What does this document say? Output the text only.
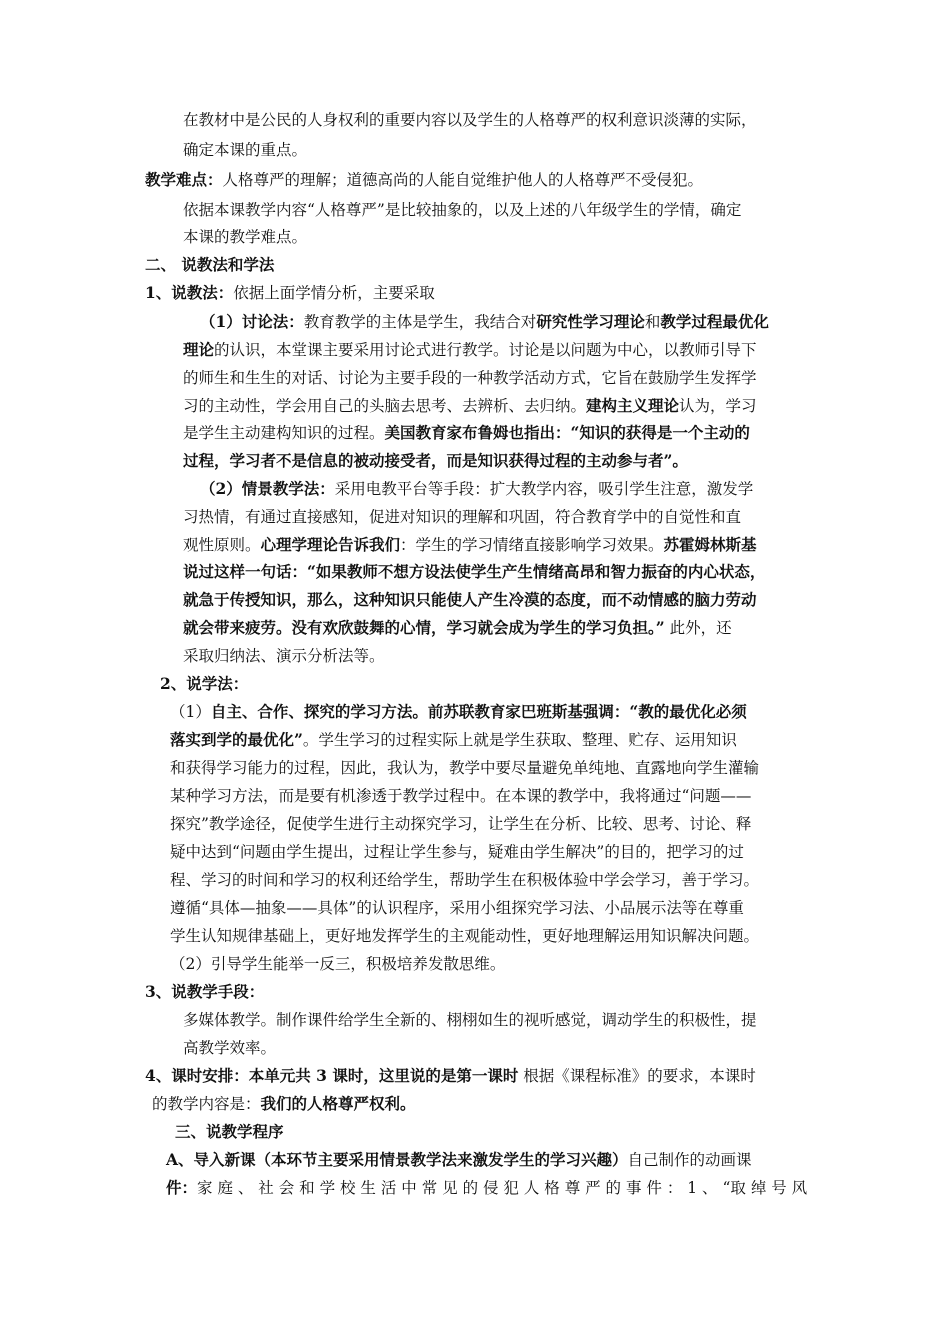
在教材中是公民的人身权利的重要内容以及学生的人格尊严的权利意识淡薄的实际，
确定本课的重点。
教学难点：人格尊严的理解；道德高尚的人能自觉维护他人的人格尊严不受侵犯。
依据本课教学内容“人格尊严”是比较抽象的，以及上述的八年级学生的学情，确定
本课的教学难点。
二、 说教法和学法
1、说教法：依据上面学情分析，主要采取
（1）讨论法：教育教学的主体是学生，我结合对研究性学习理论和教学过程最优化
理论的认识，本堂课主要采用讨论式进行教学。讨论是以问题为中心，以教师引导下
的师生和生生的对话、讨论为主要手段的一种教学活动方式，它旨在鼓励学生发挥学
习的主动性，学会用自己的头脑去思考、去辨析、去归纳。建构主义理论认为，学习
是学生主动建构知识的过程。美国教育家布鲁姆也指出：“知识的获得是一个主动的
过程，学习者不是信息的被动接受者，而是知识获得过程的主动参与者”。
（2）情景教学法：采用电教平台等手段：扩大教学内容，吸引学生注意，激发学
习热情，有通过直接感知，促进对知识的理解和巩固，符合教育学中的自觉性和直
观性原则。心理学理论告诉我们：学生的学习情绪直接影响学习效果。苏霍姆林斯基
说过这样一句话：“如果教师不想方设法使学生产生情绪高昂和智力振奋的内心状态，
就急于传授知识，那么，这种知识只能使人产生冷漠的态度，而不动情感的脑力劳动
就会带来疲劳。没有欢欣鼓舞的心情，学习就会成为学生的学习负担。” 此外，还
采取归纳法、演示分析法等。
2、说学法：
（1）自主、合作、探究的学习方法。前苏联教育家巴班斯基强调：“教的最优化必须
落实到学的最优化”。学生学习的过程实际上就是学生获取、整理、贮存、运用知识
和获得学习能力的过程，因此，我认为，教学中要尽量避免单纯地、直露地向学生灌输
某种学习方法，而是要有机渗透于教学过程中。在本课的教学中，我将通过“问题——
探究”教学途径，促使学生进行主动探究学习，让学生在分析、比较、思考、讨论、释
疑中达到“问题由学生提出，过程让学生参与，疑难由学生解决”的目的，把学习的过
程、学习的时间和学习的权利还给学生，帮助学生在积极体验中学会学习，善于学习。
遵循“具体—抽象——具体”的认识程序，采用小组探究学习法、小品展示法等在尊重
学生认知规律基础上，更好地发挥学生的主观能动性，更好地理解运用知识解决问题。
（2）引导学生能举一反三，积极培养发散思维。
3、说教学手段：
多媒体教学。制作课件给学生全新的、栩栩如生的视听感觉，调动学生的积极性，提
高教学效率。
4、课时安排：本单元共 3 课时，这里说的是第一课时 根据《课程标准》的要求，本课时
的教学内容是：我们的人格尊严权利。
三、说教学程序
A、导入新课（本环节主要采用情景教学法来激发学生的学习兴趣）自己制作的动画课
件：家 庭 、 社 会 和 学 校 生 活 中 常 见 的 侵 犯 人 格 尊 严 的 事 件 ： 1 、 “取 绰 号 风
